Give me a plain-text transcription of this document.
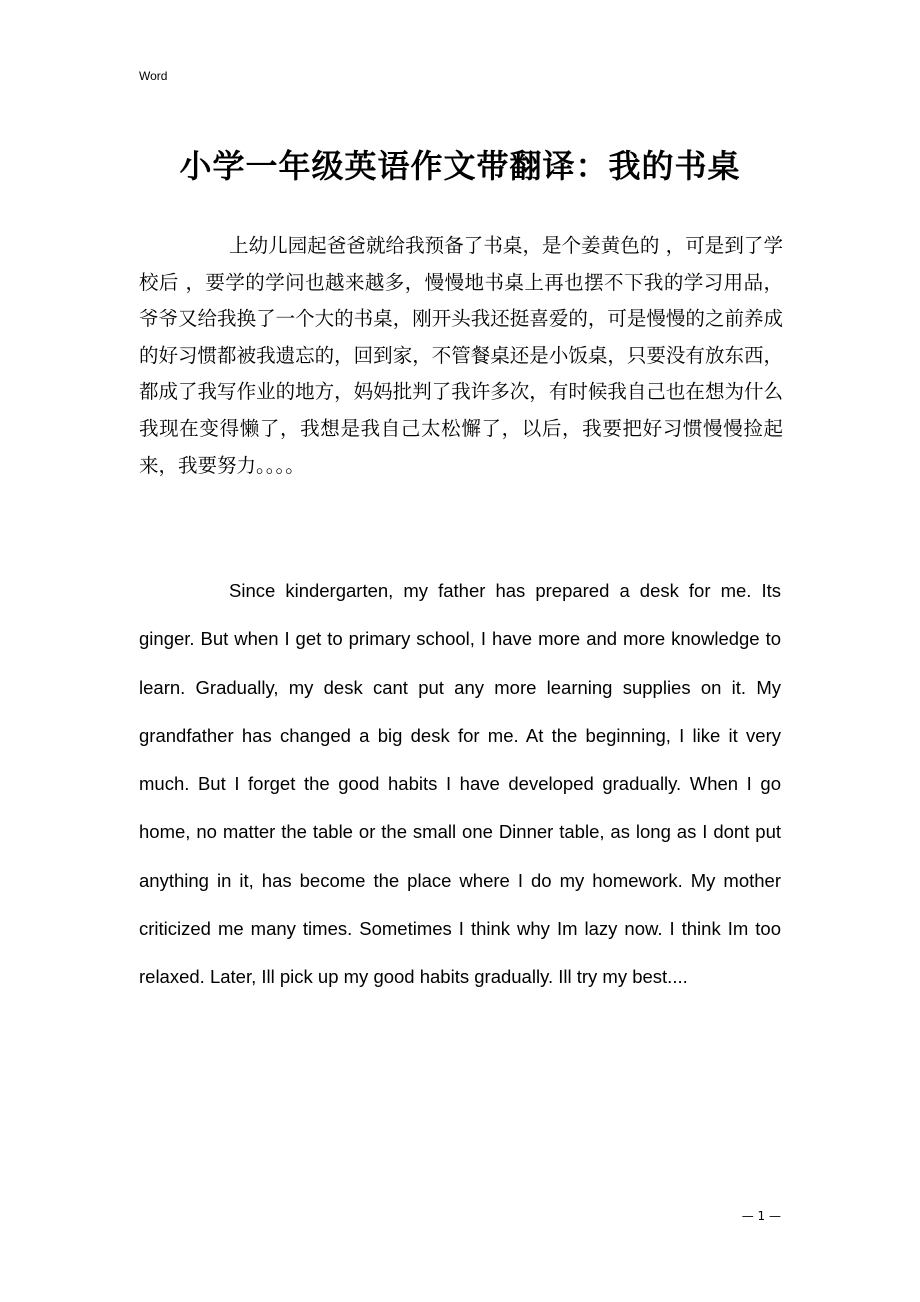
Word
小学一年级英语作文带翻译：我的书桌

上幼儿园起爸爸就给我预备了书桌，是个姜黄色的 ，可是到了学校后 ，要学的学问也越来越多，慢慢地书桌上再也摆不下我的学习用品，爷爷又给我换了一个大的书桌，刚开头我还挺喜爱的，可是慢慢的之前养成的好习惯都被我遗忘的，回到家，不管餐桌还是小饭桌，只要没有放东西，都成了我写作业的地方，妈妈批判了我许多次，有时候我自己也在想为什么我现在变得懒了，我想是我自己太松懈了，以后，我要把好习惯慢慢捡起来，我要努力。。。。

Since kindergarten, my father has prepared a desk for me. Its ginger. But when I get to primary school, I have more and more knowledge to learn. Gradually, my desk cant put any more learning supplies on it. My grandfather has changed a big desk for me. At the beginning, I like it very much. But I forget the good habits I have developed gradually. When I go home, no matter the table or the small one Dinner table, as long as I dont put anything in it, has become the place where I do my homework. My mother criticized me many times. Sometimes I think why Im lazy now. I think Im too relaxed. Later, Ill pick up my good habits gradually. Ill try my best....

— 1 —
